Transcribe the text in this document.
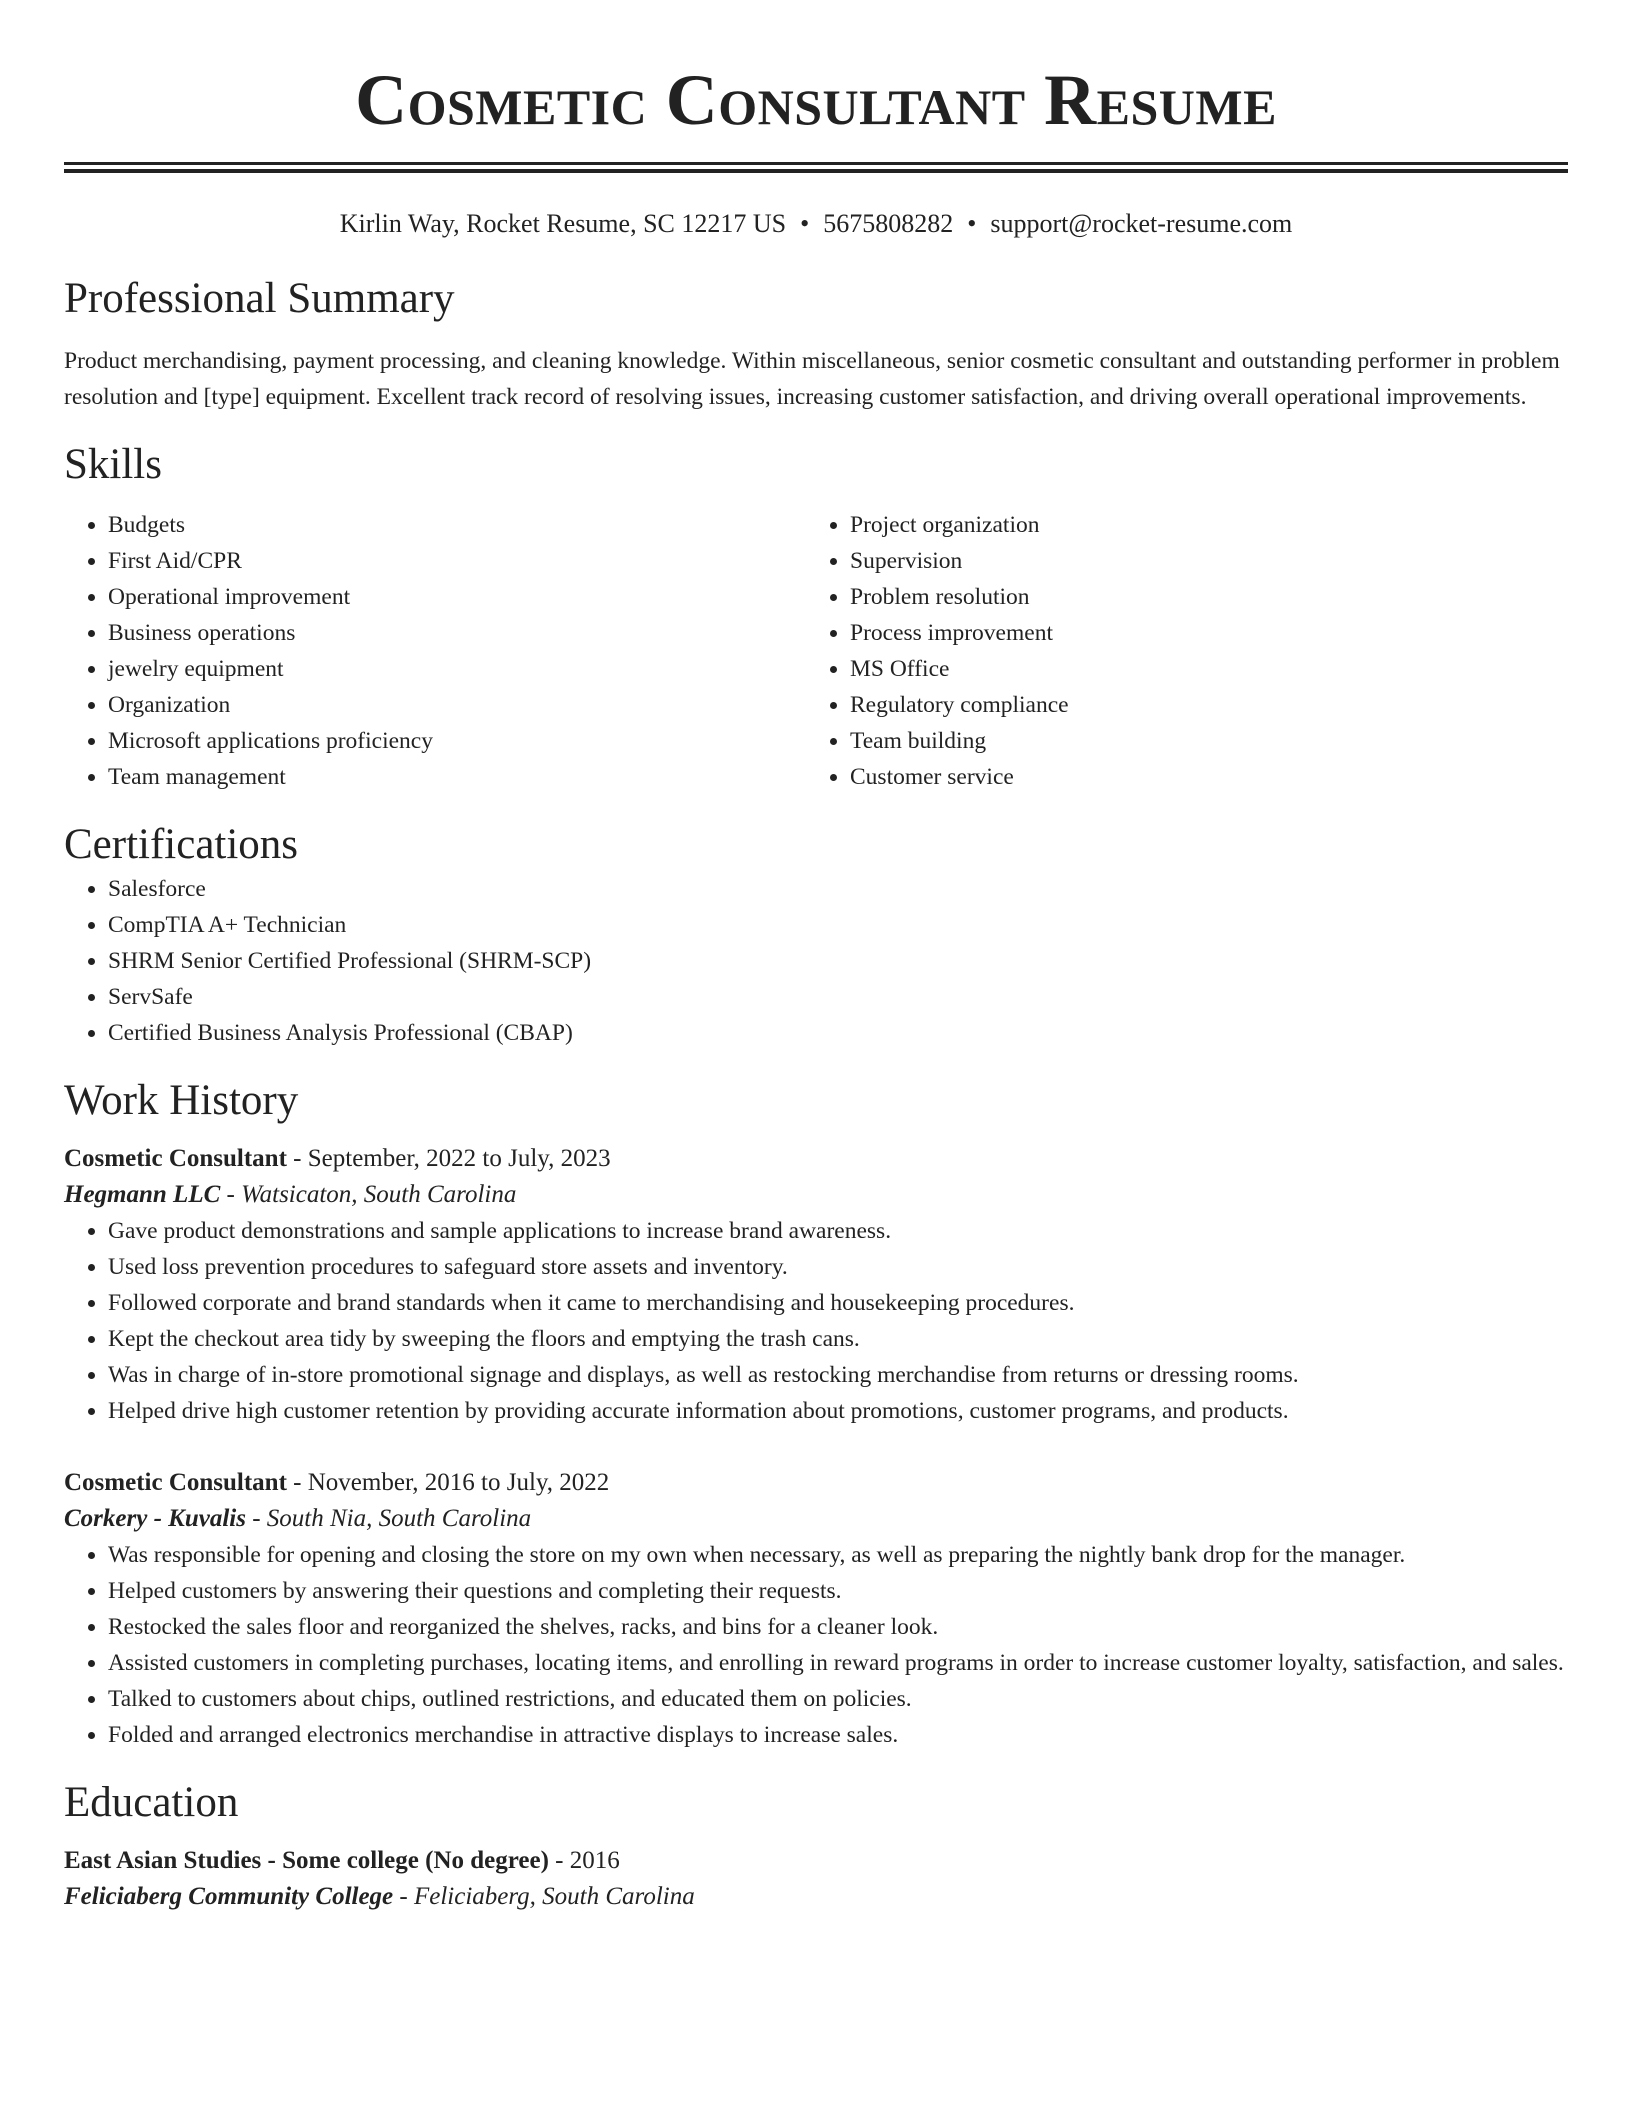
Cosmetic Consultant Resume
Kirlin Way, Rocket Resume, SC 12217 US • 5675808282 • support@rocket-resume.com
Professional Summary

Product merchandising, payment processing, and cleaning knowledge. Within miscellaneous, senior cosmetic consultant and outstanding performer in problem resolution and [type] equipment. Excellent track record of resolving issues, increasing customer satisfaction, and driving overall operational improvements.

Skills
• Budgets
• First Aid/CPR
• Operational improvement
• Business operations
• jewelry equipment
• Organization
• Microsoft applications proficiency
• Team management
• Project organization
• Supervision
• Problem resolution
• Process improvement
• MS Office
• Regulatory compliance
• Team building
• Customer service
Certifications
• Salesforce
• CompTIA A+ Technician
• SHRM Senior Certified Professional (SHRM-SCP)
• ServSafe
• Certified Business Analysis Professional (CBAP)
Work History
Cosmetic Consultant - September, 2022 to July, 2023
Hegmann LLC - Watsicaton, South Carolina
• Gave product demonstrations and sample applications to increase brand awareness.
• Used loss prevention procedures to safeguard store assets and inventory.
• Followed corporate and brand standards when it came to merchandising and housekeeping procedures.
• Kept the checkout area tidy by sweeping the floors and emptying the trash cans.
• Was in charge of in-store promotional signage and displays, as well as restocking merchandise from returns or dressing rooms.
• Helped drive high customer retention by providing accurate information about promotions, customer programs, and products.
Cosmetic Consultant - November, 2016 to July, 2022
Corkery - Kuvalis - South Nia, South Carolina
• Was responsible for opening and closing the store on my own when necessary, as well as preparing the nightly bank drop for the manager.
• Helped customers by answering their questions and completing their requests.
• Restocked the sales floor and reorganized the shelves, racks, and bins for a cleaner look.
• Assisted customers in completing purchases, locating items, and enrolling in reward programs in order to increase customer loyalty, satisfaction, and sales.
• Talked to customers about chips, outlined restrictions, and educated them on policies.
• Folded and arranged electronics merchandise in attractive displays to increase sales.
Education
East Asian Studies - Some college (No degree) - 2016
Feliciaberg Community College - Feliciaberg, South Carolina
